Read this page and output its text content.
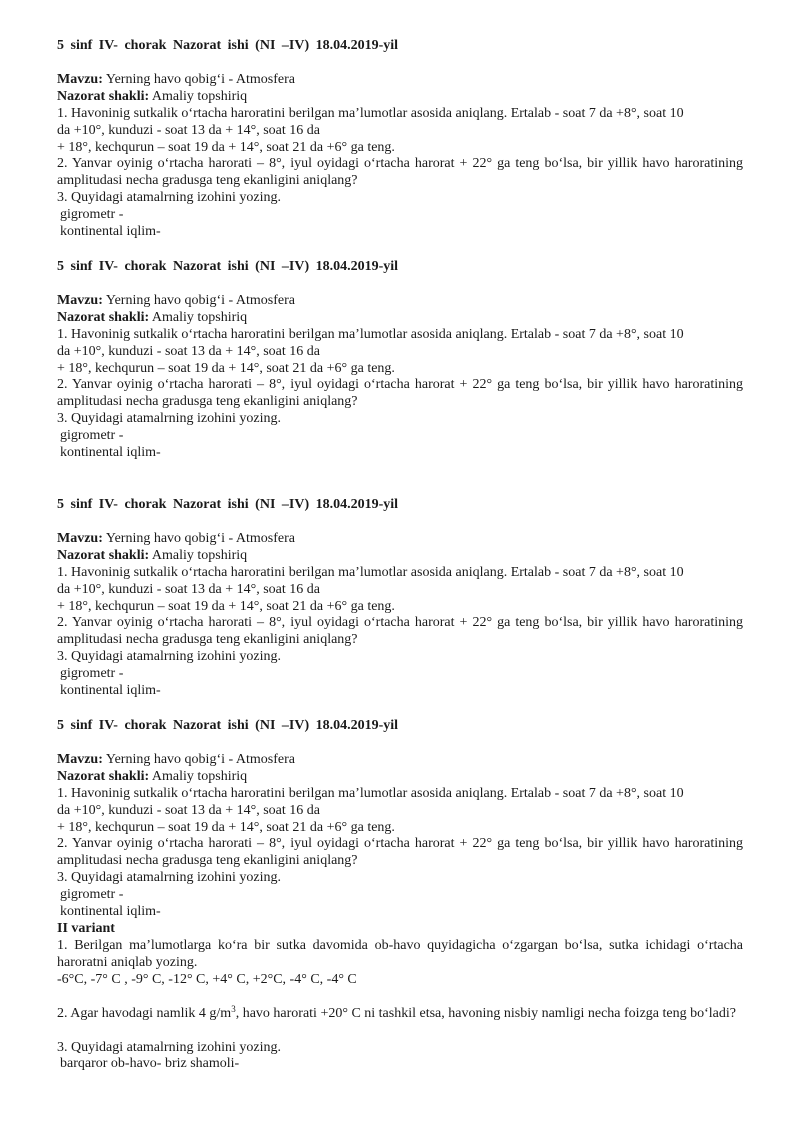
5 sinf IV- chorak Nazorat ishi (NI –IV) 18.04.2019-yil
Mavzu: Yerning havo qobig‘i - Atmosfera
Nazorat shakli: Amaliy topshiriq
1. Havoninig sutkalik o‘rtacha haroratini berilgan ma’lumotlar asosida aniqlang. Ertalab - soat 7 da +8°, soat 10
da +10°, kunduzi - soat 13 da + 14°, soat 16 da
+ 18°, kechqurun – soat 19 da + 14°, soat 21 da +6° ga teng.
2. Yanvar oyinig o‘rtacha harorati – 8°, iyul oyidagi o‘rtacha harorat + 22° ga teng bo‘lsa, bir yillik havo haroratining amplitudasi necha gradusga teng ekanligini aniqlang?
3. Quyidagi atamalrning izohini yozing.
gigrometr -
kontinental iqlim-
5 sinf IV- chorak Nazorat ishi (NI –IV) 18.04.2019-yil
Mavzu: Yerning havo qobig‘i - Atmosfera
Nazorat shakli: Amaliy topshiriq
1. Havoninig sutkalik o‘rtacha haroratini berilgan ma’lumotlar asosida aniqlang. Ertalab - soat 7 da +8°, soat 10
da +10°, kunduzi - soat 13 da + 14°, soat 16 da
+ 18°, kechqurun – soat 19 da + 14°, soat 21 da +6° ga teng.
2. Yanvar oyinig o‘rtacha harorati – 8°, iyul oyidagi o‘rtacha harorat + 22° ga teng bo‘lsa, bir yillik havo haroratining amplitudasi necha gradusga teng ekanligini aniqlang?
3. Quyidagi atamalrning izohini yozing.
gigrometr -
kontinental iqlim-
5 sinf IV- chorak Nazorat ishi (NI –IV) 18.04.2019-yil
Mavzu: Yerning havo qobig‘i - Atmosfera
Nazorat shakli: Amaliy topshiriq
1. Havoninig sutkalik o‘rtacha haroratini berilgan ma’lumotlar asosida aniqlang. Ertalab - soat 7 da +8°, soat 10
da +10°, kunduzi - soat 13 da + 14°, soat 16 da
+ 18°, kechqurun – soat 19 da + 14°, soat 21 da +6° ga teng.
2. Yanvar oyinig o‘rtacha harorati – 8°, iyul oyidagi o‘rtacha harorat + 22° ga teng bo‘lsa, bir yillik havo haroratining amplitudasi necha gradusga teng ekanligini aniqlang?
3. Quyidagi atamalrning izohini yozing.
gigrometr -
kontinental iqlim-
5 sinf IV- chorak Nazorat ishi (NI –IV) 18.04.2019-yil
Mavzu: Yerning havo qobig‘i - Atmosfera
Nazorat shakli: Amaliy topshiriq
1. Havoninig sutkalik o‘rtacha haroratini berilgan ma’lumotlar asosida aniqlang. Ertalab - soat 7 da +8°, soat 10
da +10°, kunduzi - soat 13 da + 14°, soat 16 da
+ 18°, kechqurun – soat 19 da + 14°, soat 21 da +6° ga teng.
2. Yanvar oyinig o‘rtacha harorati – 8°, iyul oyidagi o‘rtacha harorat + 22° ga teng bo‘lsa, bir yillik havo haroratining amplitudasi necha gradusga teng ekanligini aniqlang?
3. Quyidagi atamalrning izohini yozing.
gigrometr -
kontinental iqlim-
II variant
1. Berilgan ma’lumotlarga ko‘ra bir sutka davomida ob-havo quyidagicha o‘zgargan bo‘lsa, sutka ichidagi o‘rtacha haroratni aniqlab yozing.
-6°C, -7° C , -9° C, -12° C, +4° C, +2°C, -4° C, -4° C
2. Agar havodagi namlik 4 $g/m^3$, havo harorati +20° C ni tashkil etsa, havoning nisbiy namligi necha foizga teng bo‘ladi?
3. Quyidagi atamalrning izohini yozing.
barqaror ob-havo- briz shamoli-
